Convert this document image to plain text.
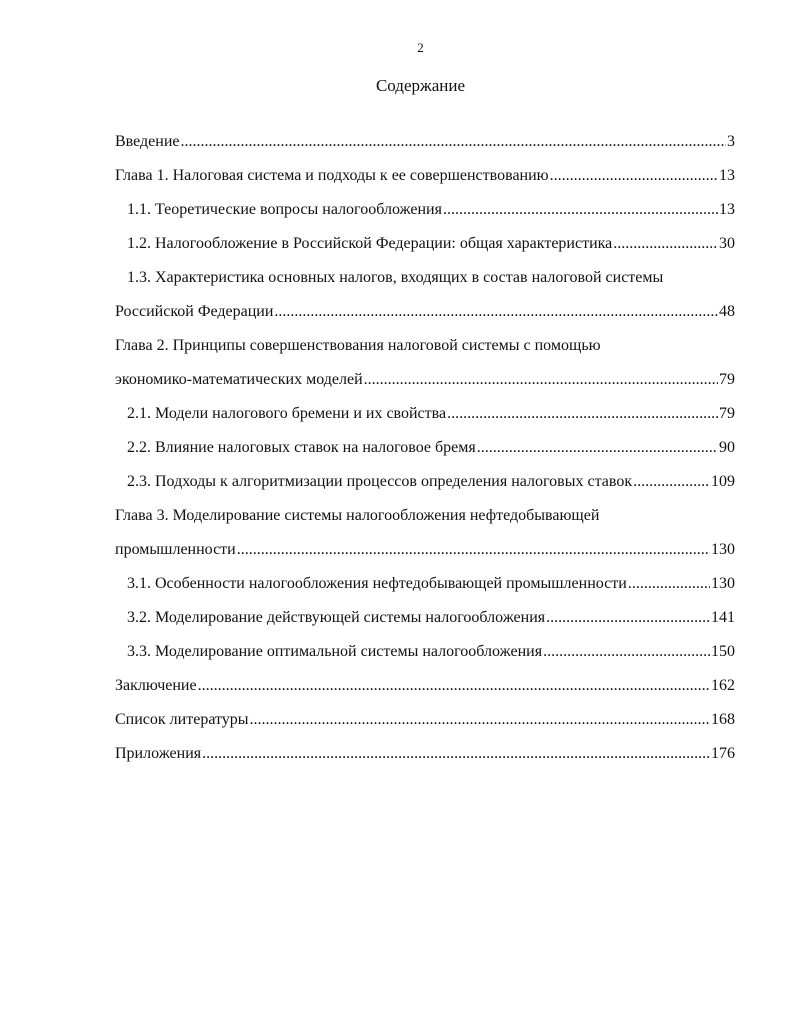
2
Содержание
Введение .....	3
Глава 1. Налоговая система и подходы к ее совершенствованию .....	13
1.1. Теоретические вопросы налогообложения .....	13
1.2. Налогообложение в Российской Федерации: общая характеристика .....	30
1.3. Характеристика основных налогов, входящих в состав налоговой системы
Российской Федерации .....	48
Глава 2. Принципы совершенствования налоговой системы с помощью
экономико-математических моделей .....	79
2.1. Модели налогового бремени и их свойства .....	79
2.2. Влияние налоговых ставок на налоговое бремя .....	90
2.3. Подходы к алгоритмизации процессов определения налоговых ставок .....	109
Глава 3. Моделирование системы налогообложения нефтедобывающей
промышленности .....	130
3.1. Особенности налогообложения нефтедобывающей промышленности .....	130
3.2. Моделирование действующей системы налогообложения .....	141
3.3. Моделирование оптимальной системы налогообложения .....	150
Заключение .....	162
Список литературы .....	168
Приложения .....	176
